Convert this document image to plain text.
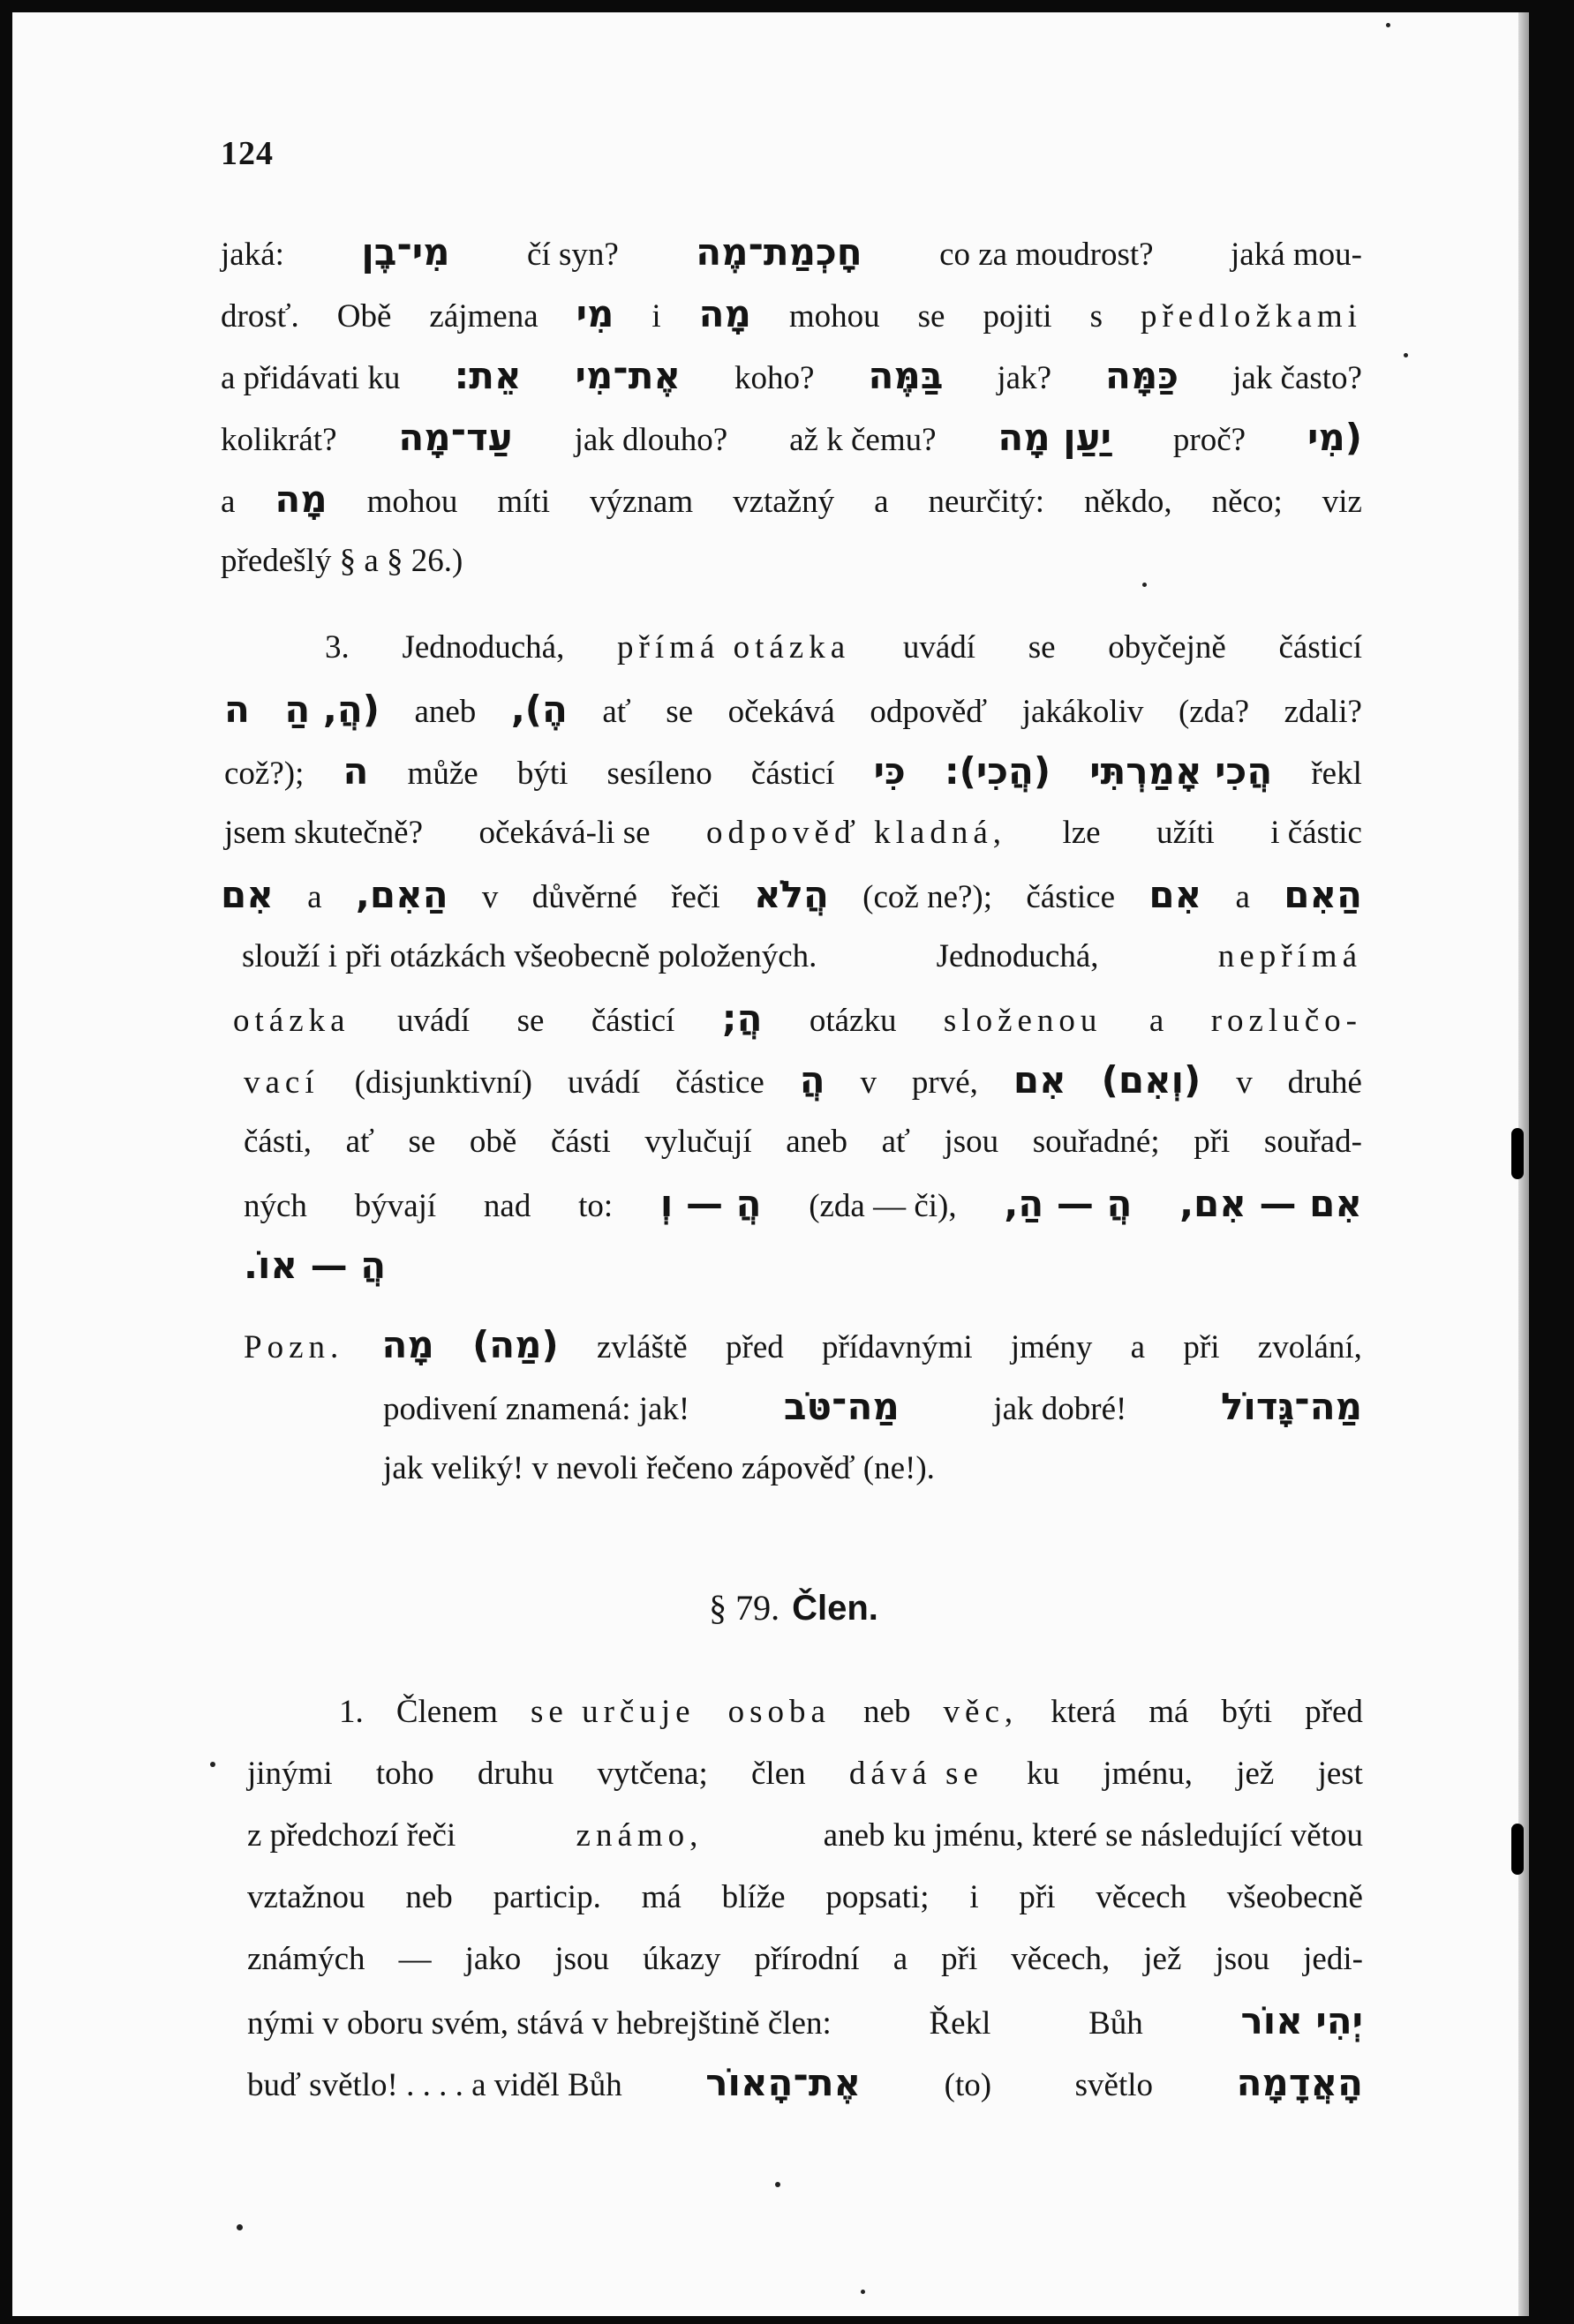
124
jaká: מִי־בֶן čí syn? חָכְמַת־מֶה co za moudrost? jaká mou-
drosť. Obě zájmena מִי i מָה mohou se pojiti s předložkami
a přidávati ku אֵת: אֶת־מִי koho? בַּמֶּה jak? כַּמָּה jak často?
kolikrát? עַד־מָה jak dlouho? až k čemu? יַעַן מָה proč? (מִי
a מָה mohou míti význam vztažný a neurčitý: někdo, něco; viz
předešlý § a § 26.)
3. Jednoduchá, přímá otázka uvádí se obyčejně částicí
ה (הֲ, הַ aneb הֶ), ať se očekává odpověď jakákoliv (zda? zdali?
což?); ה může býti sesíleno částicí כִּי (הֲכִי): הֲכִי אָמַרְתִּי řekl
jsem skutečně? očekává-li se odpověď kladná, lze užíti i částic
אִם a הַאִם, v důvěrné řeči הֲלֹא (což ne?); částice אִם a הַאִם
slouží i při otázkách všeobecně položených.	Jednoduchá,	nepřímá
otázka uvádí se částicí הֲ; otázku složenou a rozlučo-
vací (disjunktivní) uvádí částice הֲ v prvé, אִם (וְאִם) v druhé
části, ať se obě části vylučují aneb ať jsou souřadné; při souřad-
ných bývají nad to: הֲ — וְ (zda — či), הֲ — הַ, אִם — אִם,
הֲ — אוֹ.
Pozn. מָה (מַה) zvláště před přídavnými jmény a při zvolání,
podivení znamená: jak!	מַה־טֹּב	jak dobré!	מַה־גָּדוֹל
jak veliký! v nevoli řečeno zápověď (ne!).
1. Členem se určuje osoba neb věc, která má býti před
jinými toho druhu vytčena; člen dává se ku jménu, jež jest
z předchozí řeči	známo,	aneb ku jménu, které se následující větou
vztažnou neb particip. má blíže popsati; i při věcech všeobecně
známých — jako jsou úkazy přírodní a při věcech, jež jsou jedi-
nými v oboru svém, stává v hebrejštině člen:	Řekl	Bůh	יְהִי אוֹר
buď světlo! . . . . a viděl Bůh אֶת־הָאוֹר	(to)	světlo הָאֲדָמָה
§ 79. Člen.
